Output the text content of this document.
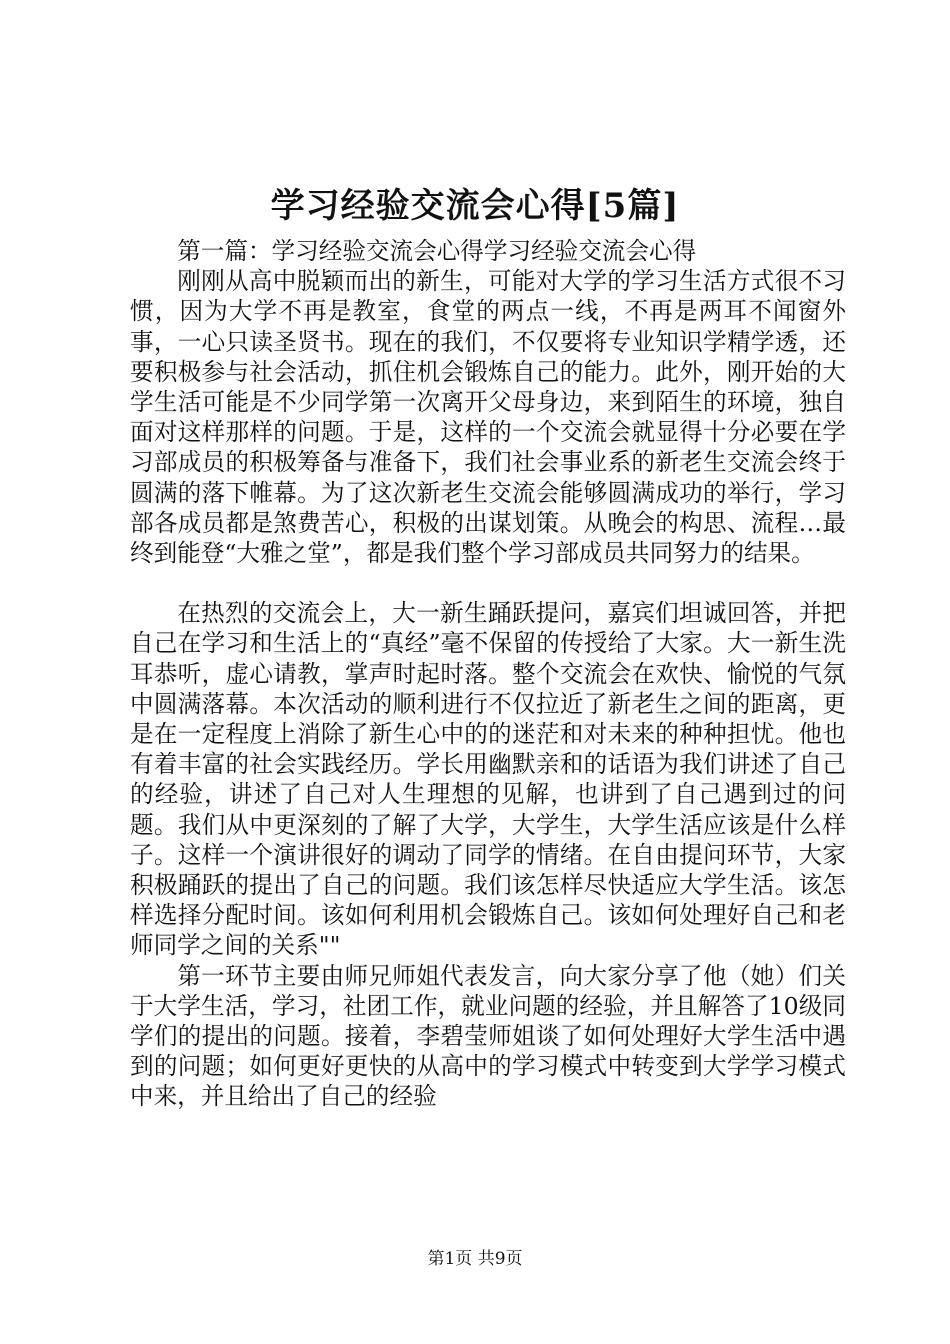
学习经验交流会心得[5篇]

第一篇：学习经验交流会心得学习经验交流会心得

刚刚从高中脱颖而出的新生，可能对大学的学习生活方式很不习惯，因为大学不再是教室，食堂的两点一线，不再是两耳不闻窗外事，一心只读圣贤书。现在的我们，不仅要将专业知识学精学透，还要积极参与社会活动，抓住机会锻炼自己的能力。此外，刚开始的大学生活可能是不少同学第一次离开父母身边，来到陌生的环境，独自面对这样那样的问题。于是，这样的一个交流会就显得十分必要在学习部成员的积极筹备与准备下，我们社会事业系的新老生交流会终于圆满的落下帷幕。为了这次新老生交流会能够圆满成功的举行，学习部各成员都是煞费苦心，积极的出谋划策。从晚会的构思、流程…最终到能登“大雅之堂”，都是我们整个学习部成员共同努力的结果。

在热烈的交流会上，大一新生踊跃提问，嘉宾们坦诚回答，并把自己在学习和生活上的“真经”毫不保留的传授给了大家。大一新生洗耳恭听，虚心请教，掌声时起时落。整个交流会在欢快、愉悦的气氛中圆满落幕。本次活动的顺利进行不仅拉近了新老生之间的距离，更是在一定程度上消除了新生心中的的迷茫和对未来的种种担忧。他也有着丰富的社会实践经历。学长用幽默亲和的话语为我们讲述了自己的经验，讲述了自己对人生理想的见解，也讲到了自己遇到过的问题。我们从中更深刻的了解了大学，大学生，大学生活应该是什么样子。这样一个演讲很好的调动了同学的情绪。在自由提问环节，大家积极踊跃的提出了自己的问题。我们该怎样尽快适应大学生活。该怎样选择分配时间。该如何利用机会锻炼自己。该如何处理好自己和老师同学之间的关系""

第一环节主要由师兄师姐代表发言，向大家分享了他（她）们关于大学生活，学习，社团工作，就业问题的经验，并且解答了10级同学们的提出的问题。接着，李碧莹师姐谈了如何处理好大学生活中遇到的问题；如何更好更快的从高中的学习模式中转变到大学学习模式中来，并且给出了自己的经验

第1页 共9页
